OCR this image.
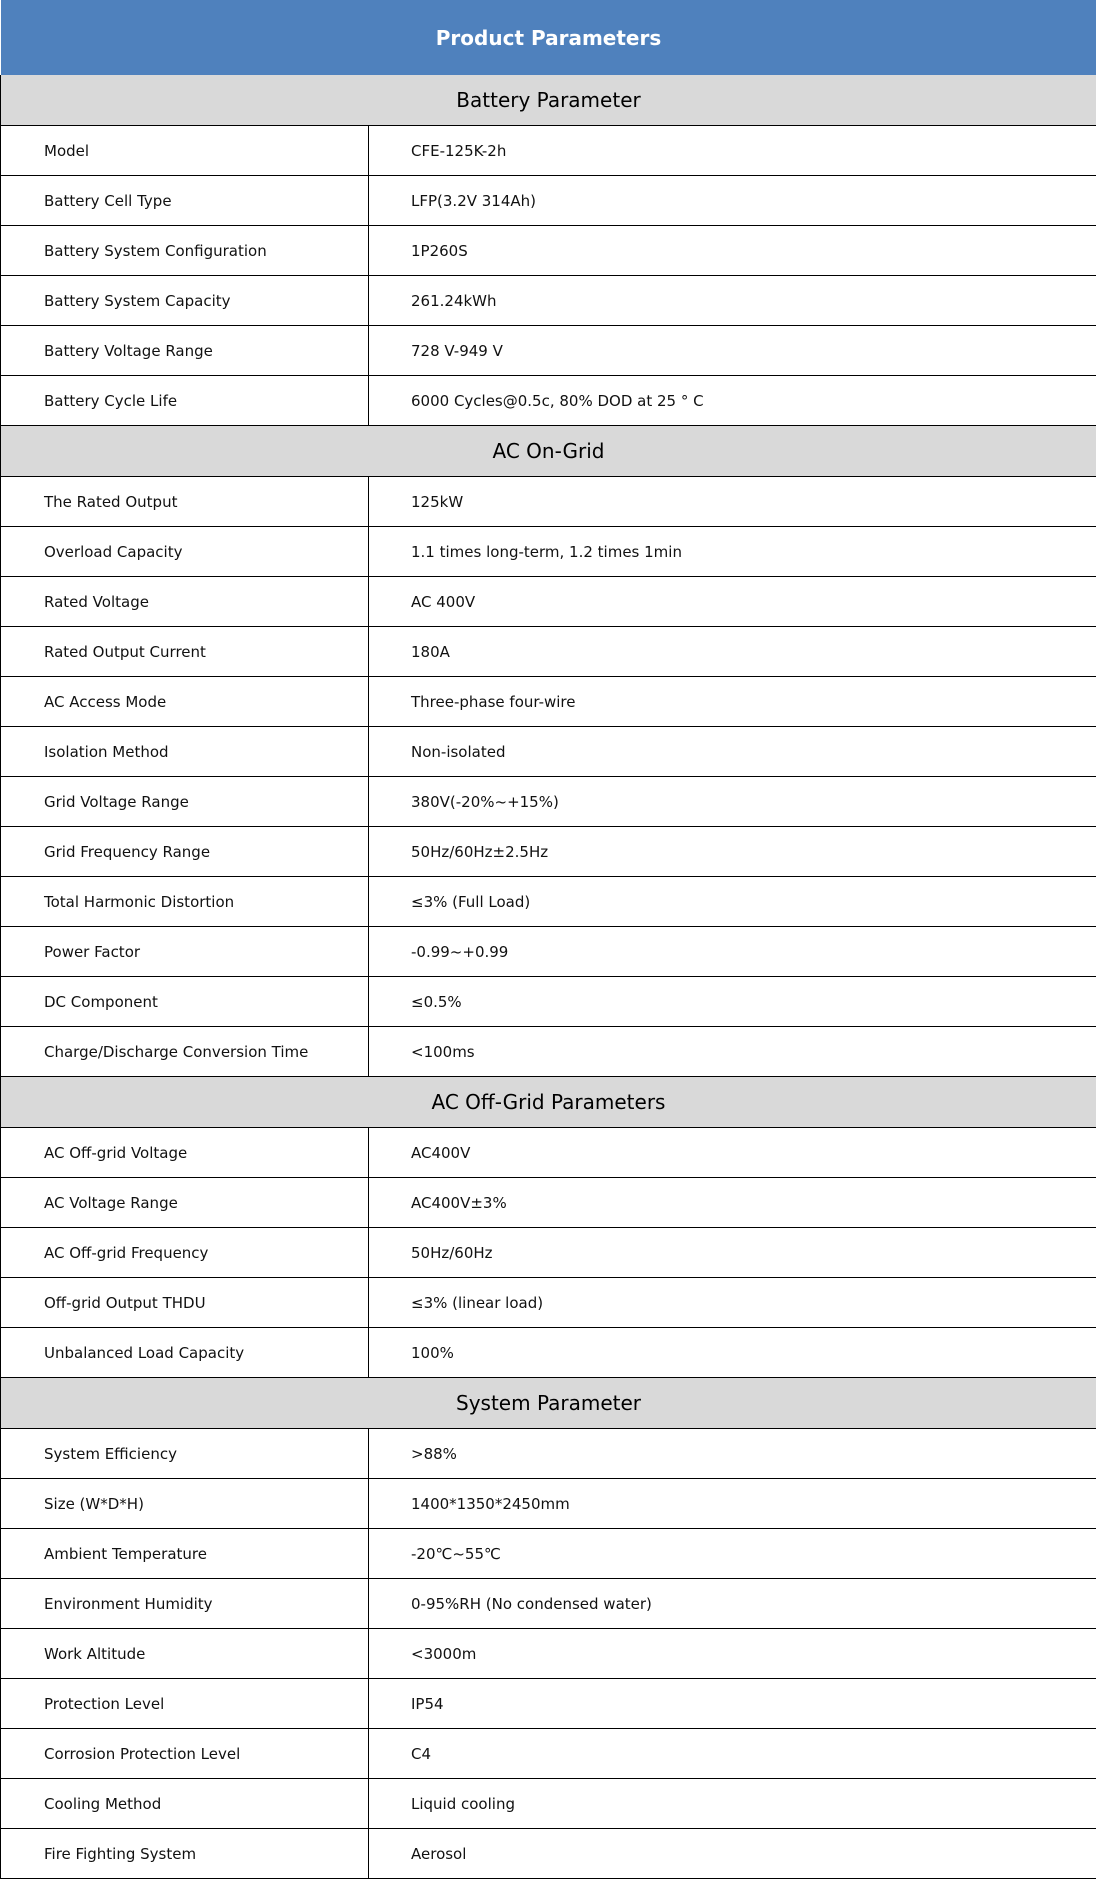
Product Parameters	
Battery Parameter	
Model	CFE-125K-2h
Battery Cell Type	LFP(3.2V 314Ah)
Battery System Configuration	1P260S
Battery System Capacity	261.24kWh
Battery Voltage Range	728 V-949 V
Battery Cycle Life	6000 Cycles@0.5c, 80% DOD at 25 ° C
AC On-Grid	
The Rated Output	125kW
Overload Capacity	1.1 times long-term, 1.2 times 1min
Rated Voltage	AC 400V
Rated Output Current	180A
AC Access Mode	Three-phase four-wire
Isolation Method	Non-isolated
Grid Voltage Range	380V(-20%~+15%)
Grid Frequency Range	50Hz/60Hz±2.5Hz
Total Harmonic Distortion	≤3% (Full Load)
Power Factor	-0.99~+0.99
DC Component	≤0.5%
Charge/Discharge Conversion Time	<100ms
AC Off-Grid Parameters	
AC Off-grid Voltage	AC400V
AC Voltage Range	AC400V±3%
AC Off-grid Frequency	50Hz/60Hz
Off-grid Output THDU	≤3% (linear load)
Unbalanced Load Capacity	100%
System Parameter	
System Efficiency	>88%
Size (W*D*H)	1400*1350*2450mm
Ambient Temperature	-20℃~55℃
Environment Humidity	0-95%RH (No condensed water)
Work Altitude	<3000m
Protection Level	IP54
Corrosion Protection Level	C4
Cooling Method	Liquid cooling
Fire Fighting System	Aerosol
